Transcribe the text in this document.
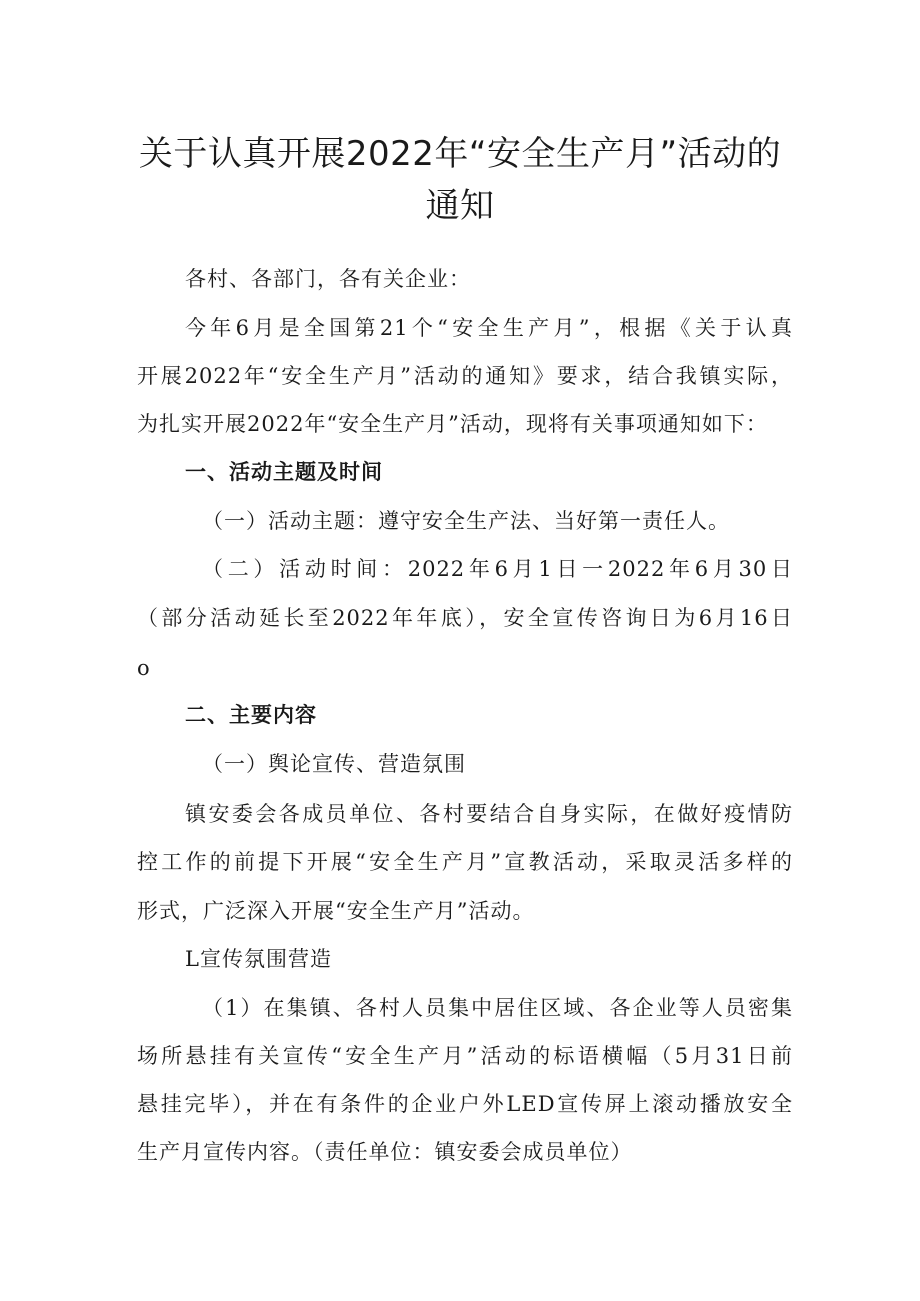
关于认真开展2022年“安全生产月”活动的
通知

各村、各部门，各有关企业：

今年6月是全国第21个“安全生产月”，根据《关于认真

开展2022年“安全生产月”活动的通知》要求，结合我镇实际，

为扎实开展2022年“安全生产月”活动，现将有关事项通知如下：

一、活动主题及时间

（一）活动主题：遵守安全生产法、当好第一责任人。

（二）活动时间：2022年6月1日一2022年6月30日

（部分活动延长至2022年年底），安全宣传咨询日为6月16日

o

二、主要内容

（一）舆论宣传、营造氛围

镇安委会各成员单位、各村要结合自身实际，在做好疫情防

控工作的前提下开展“安全生产月”宣教活动，采取灵活多样的

形式，广泛深入开展“安全生产月”活动。

L宣传氛围营造

（1）在集镇、各村人员集中居住区域、各企业等人员密集

场所悬挂有关宣传“安全生产月”活动的标语横幅（5月31日前

悬挂完毕），并在有条件的企业户外LED宣传屏上滚动播放安全

生产月宣传内容。（责任单位：镇安委会成员单位）
